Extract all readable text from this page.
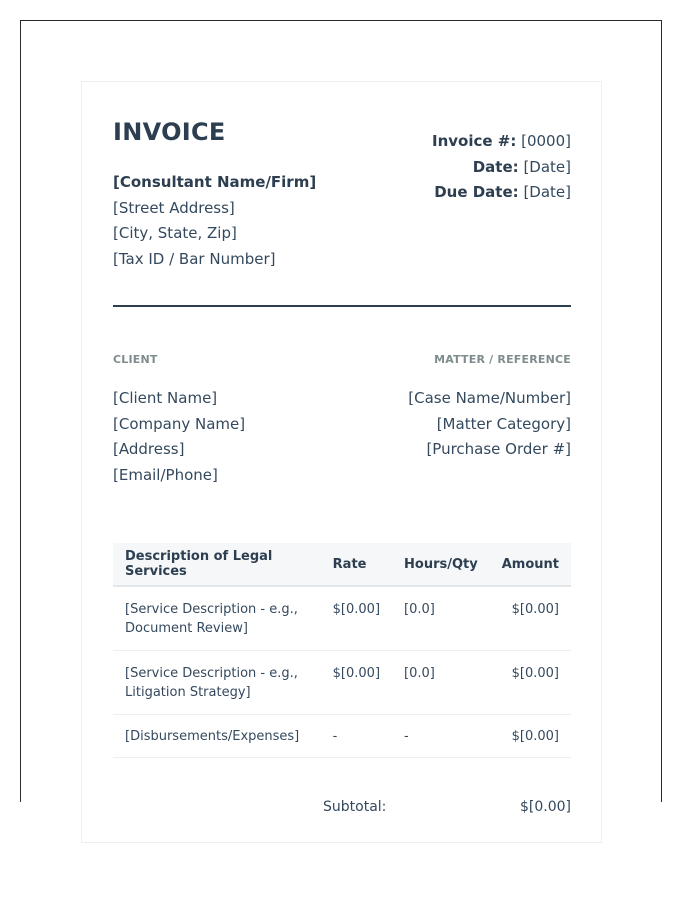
INVOICE
[Consultant Name/Firm]
[Street Address]
[City, State, Zip]
[Tax ID / Bar Number]
Invoice #: [0000]
Date: [Date]
Due Date: [Date]
CLIENT	MATTER / REFERENCE
[Client Name]
[Company Name]
[Address]
[Email/Phone]
[Case Name/Number]
[Matter Category]
[Purchase Order #]
Description of Legal Services	Rate	Hours/Qty	Amount
[Service Description - e.g., Document Review]	$[0.00]	[0.0]	$[0.00]
[Service Description - e.g., Litigation Strategy]	$[0.00]	[0.0]	$[0.00]
[Disbursements/Expenses]	-	-	$[0.00]
Subtotal:	$[0.00]
